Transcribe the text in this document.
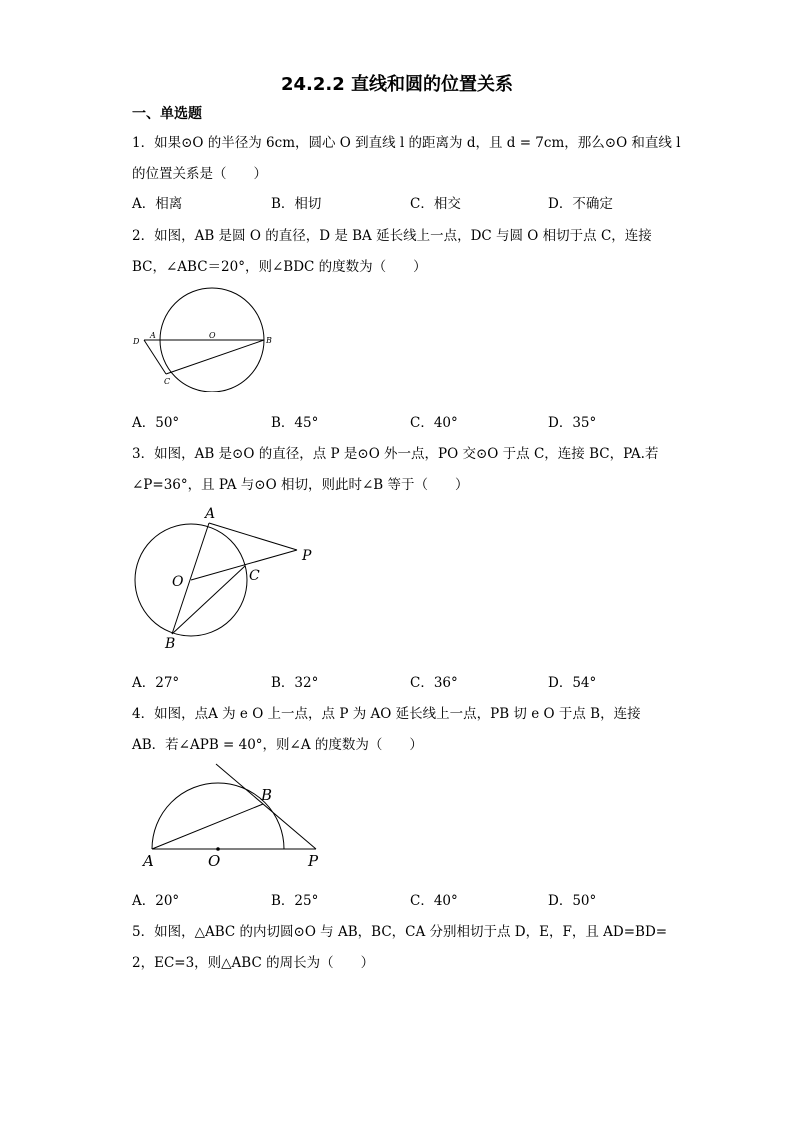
24.2.2 直线和圆的位置关系
一、单选题
1．如果⊙O 的半径为 6cm，圆心 O 到直线 l 的距离为 d，且 d = 7cm，那么⊙O 和直线 l
的位置关系是（　　）
A．相离	B．相切	C．相交	D．不确定
2．如图，AB 是圆 O 的直径，D 是 BA 延长线上一点，DC 与圆 O 相切于点 C，连接
BC，∠ABC＝20°，则∠BDC 的度数为（　　）
D
A	O
B
C
A．50°	B．45°	C．40°	D．35°
3．如图，AB 是⊙O 的直径，点 P 是⊙O 外一点，PO 交⊙O 于点 C，连接 BC，PA.若
∠P=36°，且 PA 与⊙O 相切，则此时∠B 等于（　　）
A
P
O	C
B
A．27°	B．32°	C．36°	D．54°
4．如图，点A 为 e O 上一点，点 P 为 AO 延长线上一点，PB 切 e O 于点 B，连接
AB．若∠APB = 40°，则∠A 的度数为（　　）
A	O	P
B
A．20°	B．25°	C．40°	D．50°
5．如图，△ABC 的内切圆⊙O 与 AB，BC，CA 分别相切于点 D，E，F，且 AD=BD=
2，EC=3，则△ABC 的周长为（　　）
